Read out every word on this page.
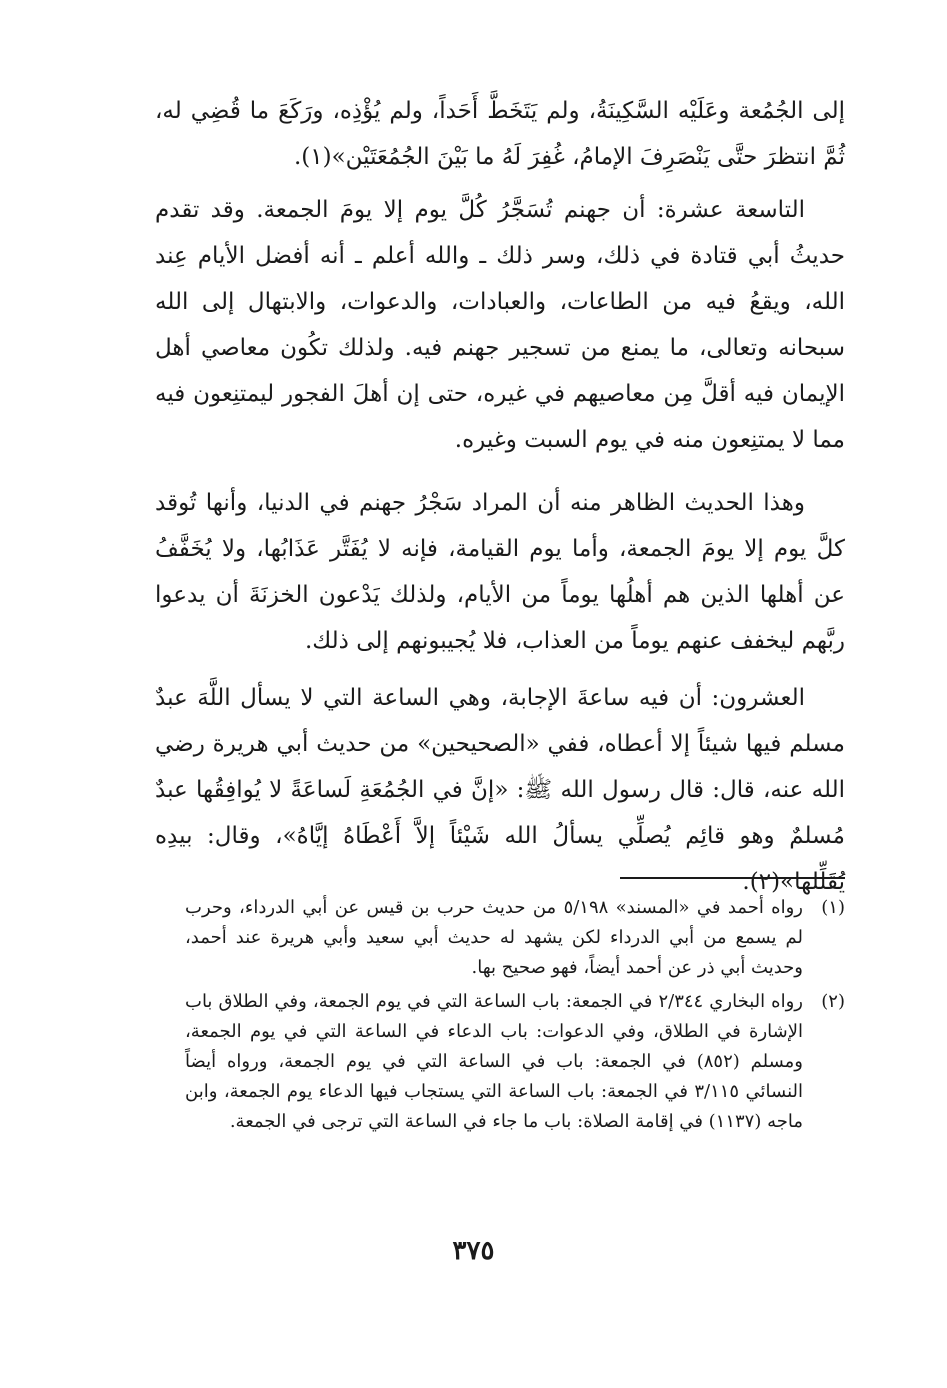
إلى الجُمُعة وعَلَيْه السَّكِينَةُ، ولم يَتَخَطَّ أَحَداً، ولم يُؤْذِه، ورَكَعَ ما قُضِي له، ثُمَّ انتظرَ حتَّى يَنْصَرِفَ الإمامُ، غُفِرَ لَهُ ما بَيْنَ الجُمُعَتَيْن»(١).

التاسعة عشرة: أن جهنم تُسَجَّرُ كُلَّ يوم إلا يومَ الجمعة. وقد تقدم حديثُ أبي قتادة في ذلك، وسر ذلك ـ والله أعلم ـ أنه أفضل الأيام عِند الله، ويقعُ فيه من الطاعات، والعبادات، والدعوات، والابتهال إلى الله سبحانه وتعالى، ما يمنع من تسجير جهنم فيه. ولذلك تكُون معاصي أهل الإيمان فيه أقلَّ مِن معاصيهم في غيره، حتى إن أهلَ الفجور ليمتنِعون فيه مما لا يمتنِعون منه في يوم السبت وغيره.

وهذا الحديث الظاهر منه أن المراد سَجْرُ جهنم في الدنيا، وأنها تُوقد كلَّ يوم إلا يومَ الجمعة، وأما يوم القيامة، فإنه لا يُفَتَّر عَذَابُها، ولا يُخَفَّفُ عن أهلها الذين هم أهلُها يوماً من الأيام، ولذلك يَدْعون الخزنَةَ أن يدعوا ربَّهم ليخفف عنهم يوماً من العذاب، فلا يُجيبونهم إلى ذلك.

العشرون: أن فيه ساعةَ الإجابة، وهي الساعة التي لا يسأل اللَّهَ عبدٌ مسلم فيها شيئاً إلا أعطاه، ففي «الصحيحين» من حديث أبي هريرة رضي الله عنه، قال: قال رسول الله ﷺ: «إنَّ في الجُمُعَةِ لَساعَةً لا يُوافِقُها عبدٌ مُسلمٌ وهو قائِم يُصلِّي يسألُ الله شَيْئاً إلاَّ أَعْطَاهُ إيَّاهُ»، وقال: بيدِه يُقَلِّلها»(٢).

(١)
رواه أحمد في «المسند» ٥/١٩٨ من حديث حرب بن قيس عن أبي الدرداء، وحرب لم يسمع من أبي الدرداء لكن يشهد له حديث أبي سعيد وأبي هريرة عند أحمد، وحديث أبي ذر عن أحمد أيضاً، فهو صحيح بها.
(٢)
رواه البخاري ٢/٣٤٤ في الجمعة: باب الساعة التي في يوم الجمعة، وفي الطلاق باب الإشارة في الطلاق، وفي الدعوات: باب الدعاء في الساعة التي في يوم الجمعة، ومسلم (٨٥٢) في الجمعة: باب في الساعة التي في يوم الجمعة، ورواه أيضاً النسائي ٣/١١٥ في الجمعة: باب الساعة التي يستجاب فيها الدعاء يوم الجمعة، وابن ماجه (١١٣٧) في إقامة الصلاة: باب ما جاء في الساعة التي ترجى في الجمعة.
٣٧٥
